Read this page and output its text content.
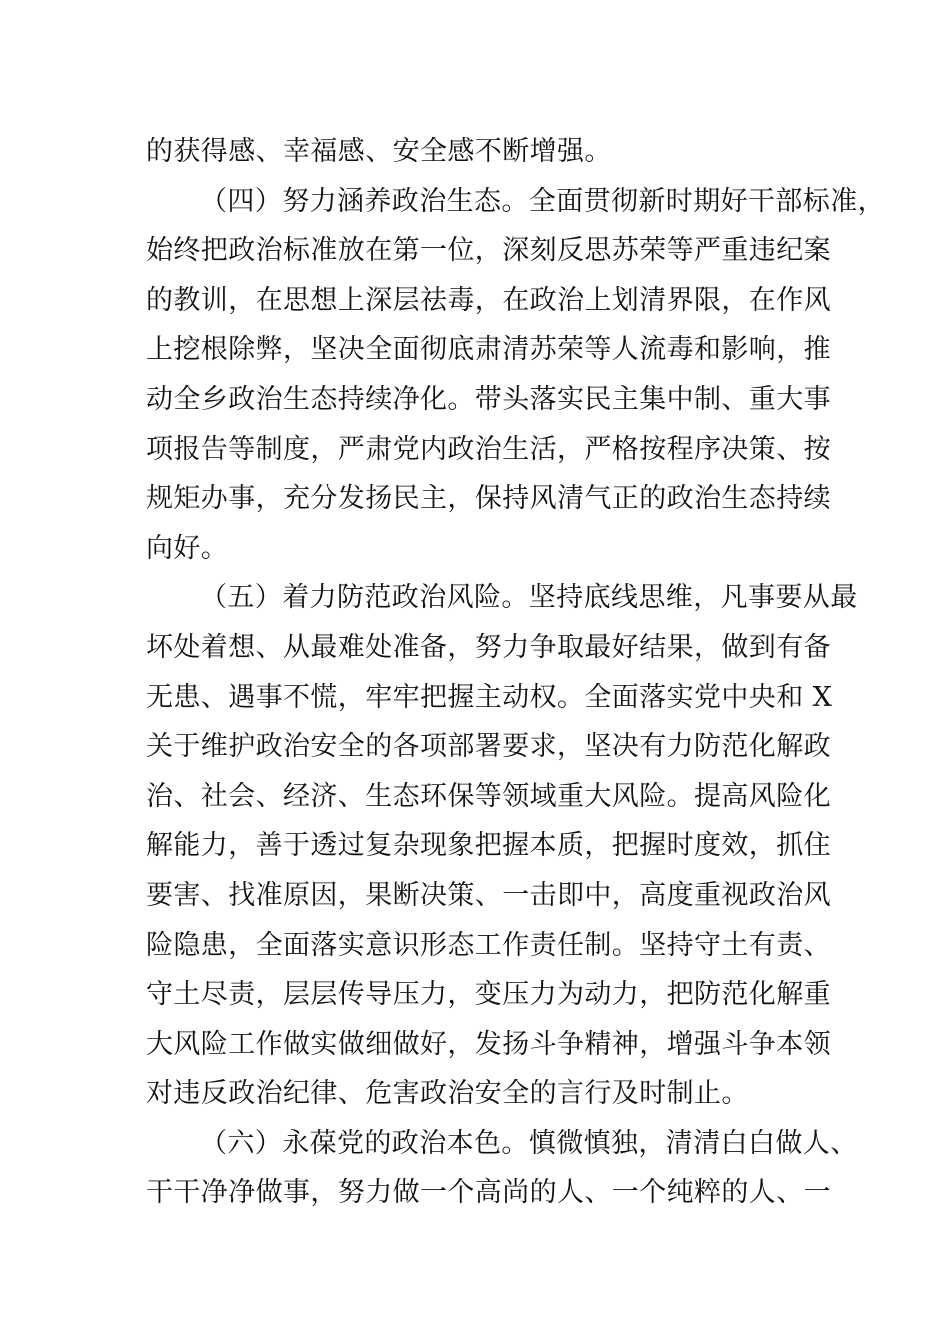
的获得感、幸福感、安全感不断增强。
（四）努力涵养政治生态。全面贯彻新时期好干部标准，
始终把政治标准放在第一位，深刻反思苏荣等严重违纪案
的教训，在思想上深层祛毒，在政治上划清界限，在作风
上挖根除弊，坚决全面彻底肃清苏荣等人流毒和影响，推
动全乡政治生态持续净化。带头落实民主集中制、重大事
项报告等制度，严肃党内政治生活，严格按程序决策、按
规矩办事，充分发扬民主，保持风清气正的政治生态持续
向好。
（五）着力防范政治风险。坚持底线思维，凡事要从最
坏处着想、从最难处准备，努力争取最好结果，做到有备
无患、遇事不慌，牢牢把握主动权。全面落实党中央和 X
关于维护政治安全的各项部署要求，坚决有力防范化解政
治、社会、经济、生态环保等领域重大风险。提高风险化
解能力，善于透过复杂现象把握本质，把握时度效，抓住
要害、找准原因，果断决策、一击即中，高度重视政治风
险隐患，全面落实意识形态工作责任制。坚持守土有责、
守土尽责，层层传导压力，变压力为动力，把防范化解重
大风险工作做实做细做好，发扬斗争精神，增强斗争本领
对违反政治纪律、危害政治安全的言行及时制止。
（六）永葆党的政治本色。慎微慎独，清清白白做人、
干干净净做事，努力做一个高尚的人、一个纯粹的人、一
